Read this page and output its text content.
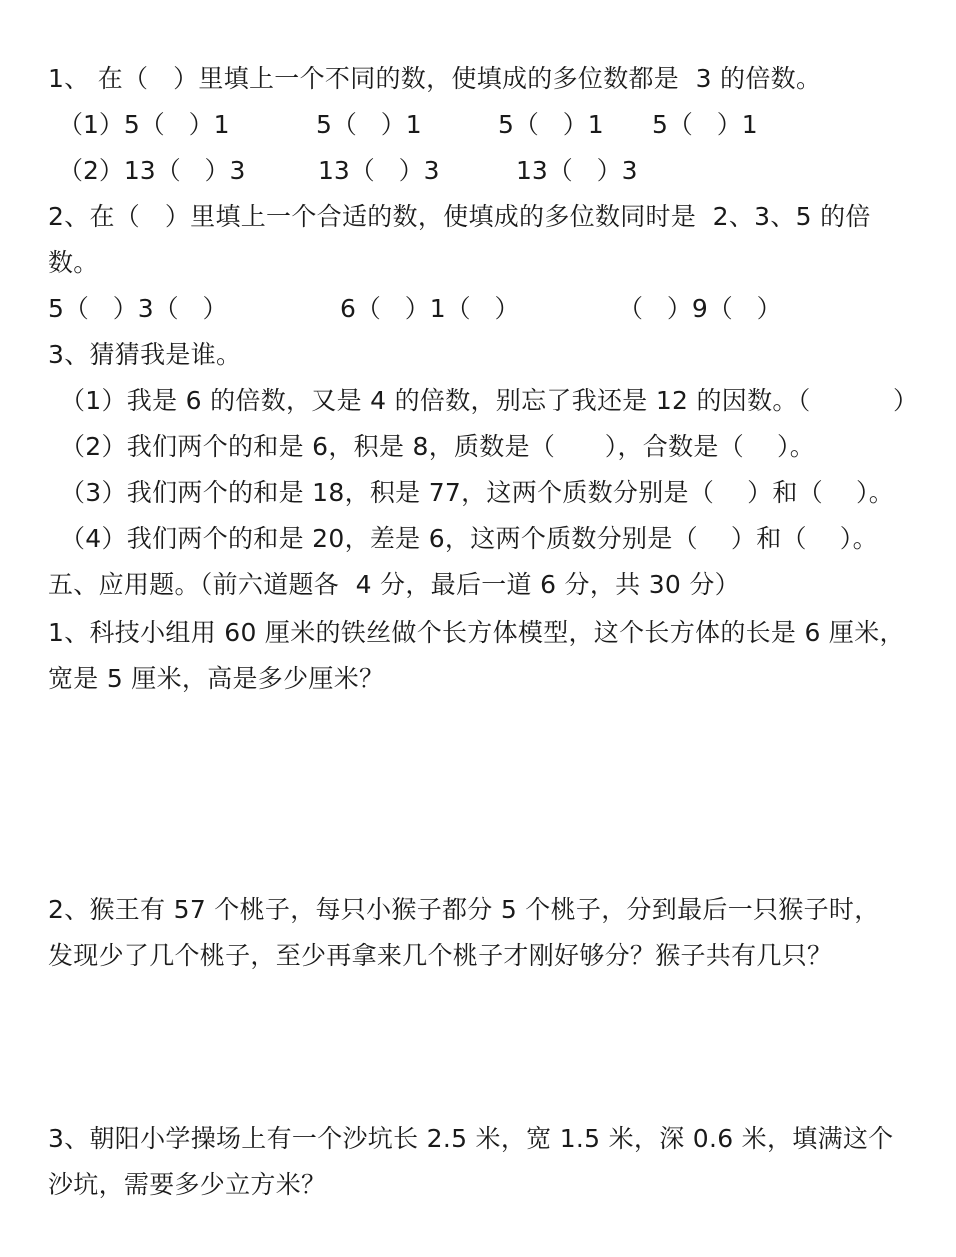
1、 在（   ）里填上一个不同的数，使填成的多位数都是  3 的倍数。
（1）5（   ）1	5（   ）1	5（   ）1 5（   ）1
（2）13（   ）3	13（   ）3	13（   ）3
2、在（   ）里填上一个合适的数，使填成的多位数同时是  2、3、5 的倍
数。
5（   ）3（   ）	6（   ）1（   ）	（   ）9（   ）
3、猜猜我是谁。
（1）我是 6 的倍数，又是 4 的倍数，别忘了我还是 12 的因数。（          ）
（2）我们两个的和是 6，积是 8，质数是（      ），合数是（    ）。
（3）我们两个的和是 18，积是 77，这两个质数分别是（    ）和（    ）。
（4）我们两个的和是 20，差是 6，这两个质数分别是（    ）和（    ）。
五、应用题。（前六道题各  4 分，最后一道 6 分，共 30 分）
1、科技小组用 60 厘米的铁丝做个长方体模型，这个长方体的长是 6 厘米，
宽是 5 厘米，高是多少厘米？
2、猴王有 57 个桃子，每只小猴子都分 5 个桃子，分到最后一只猴子时，
发现少了几个桃子，至少再拿来几个桃子才刚好够分？猴子共有几只？
3、朝阳小学操场上有一个沙坑长 2.5 米，宽 1.5 米，深 0.6 米，填满这个
沙坑，需要多少立方米？
